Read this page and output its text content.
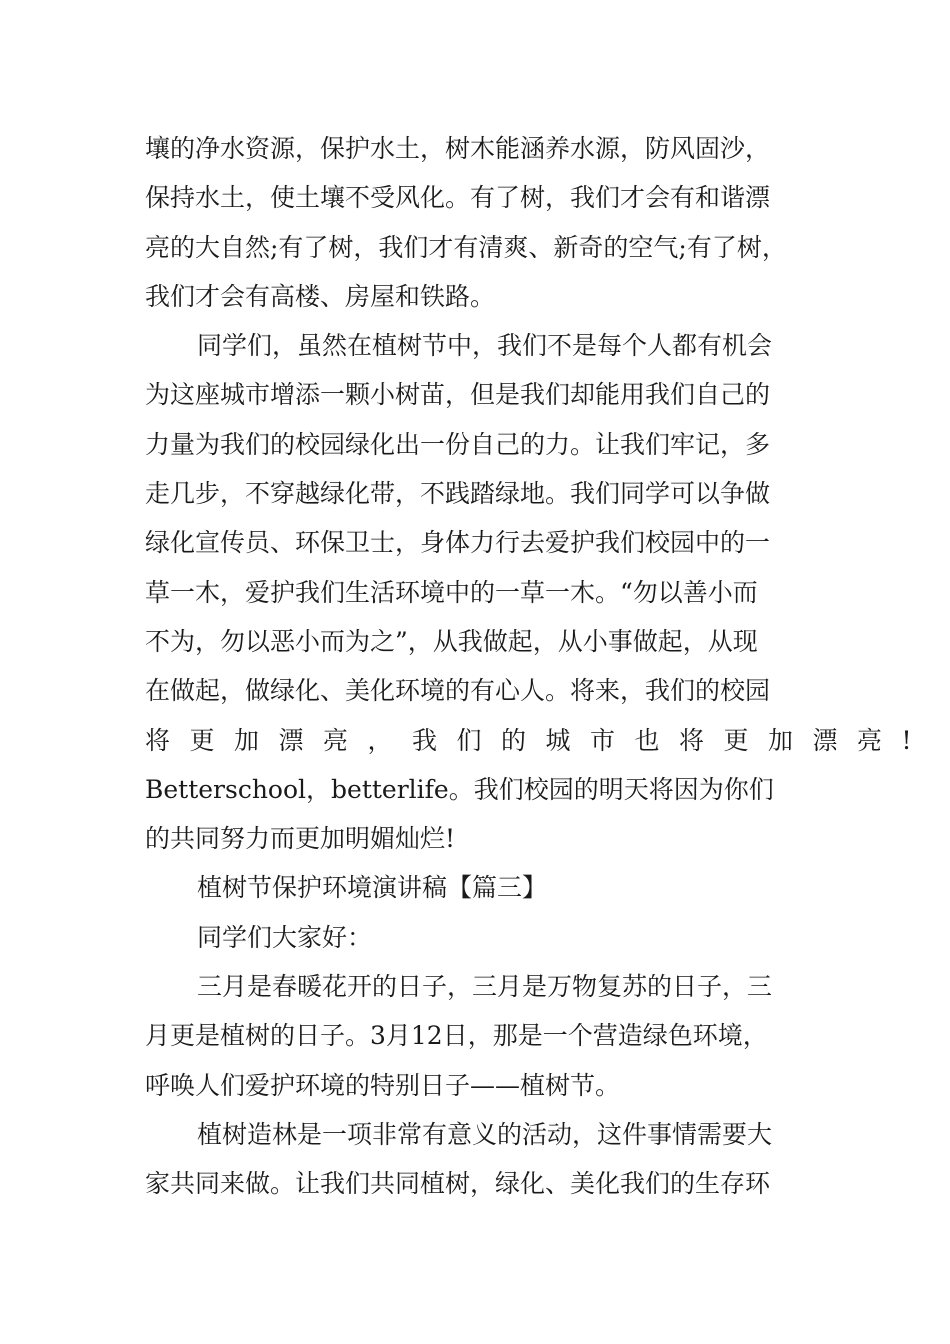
壤的净水资源，保护水土，树木能涵养水源，防风固沙，
保持水土，使土壤不受风化。有了树，我们才会有和谐漂
亮的大自然;有了树，我们才有清爽、新奇的空气;有了树，
我们才会有高楼、房屋和铁路。
同学们，虽然在植树节中，我们不是每个人都有机会
为这座城市增添一颗小树苗，但是我们却能用我们自己的
力量为我们的校园绿化出一份自己的力。让我们牢记，多
走几步，不穿越绿化带，不践踏绿地。我们同学可以争做
绿化宣传员、环保卫士，身体力行去爱护我们校园中的一
草一木，爱护我们生活环境中的一草一木。“勿以善小而
不为，勿以恶小而为之”，从我做起，从小事做起，从现
在做起，做绿化、美化环境的有心人。将来，我们的校园
将更加漂亮，我们的城市也将更加漂亮!
Betterschool，betterlife。我们校园的明天将因为你们
的共同努力而更加明媚灿烂!
植树节保护环境演讲稿【篇三】
同学们大家好：
三月是春暖花开的日子，三月是万物复苏的日子，三
月更是植树的日子。3月12日，那是一个营造绿色环境，
呼唤人们爱护环境的特别日子——植树节。
植树造林是一项非常有意义的活动，这件事情需要大
家共同来做。让我们共同植树，绿化、美化我们的生存环
